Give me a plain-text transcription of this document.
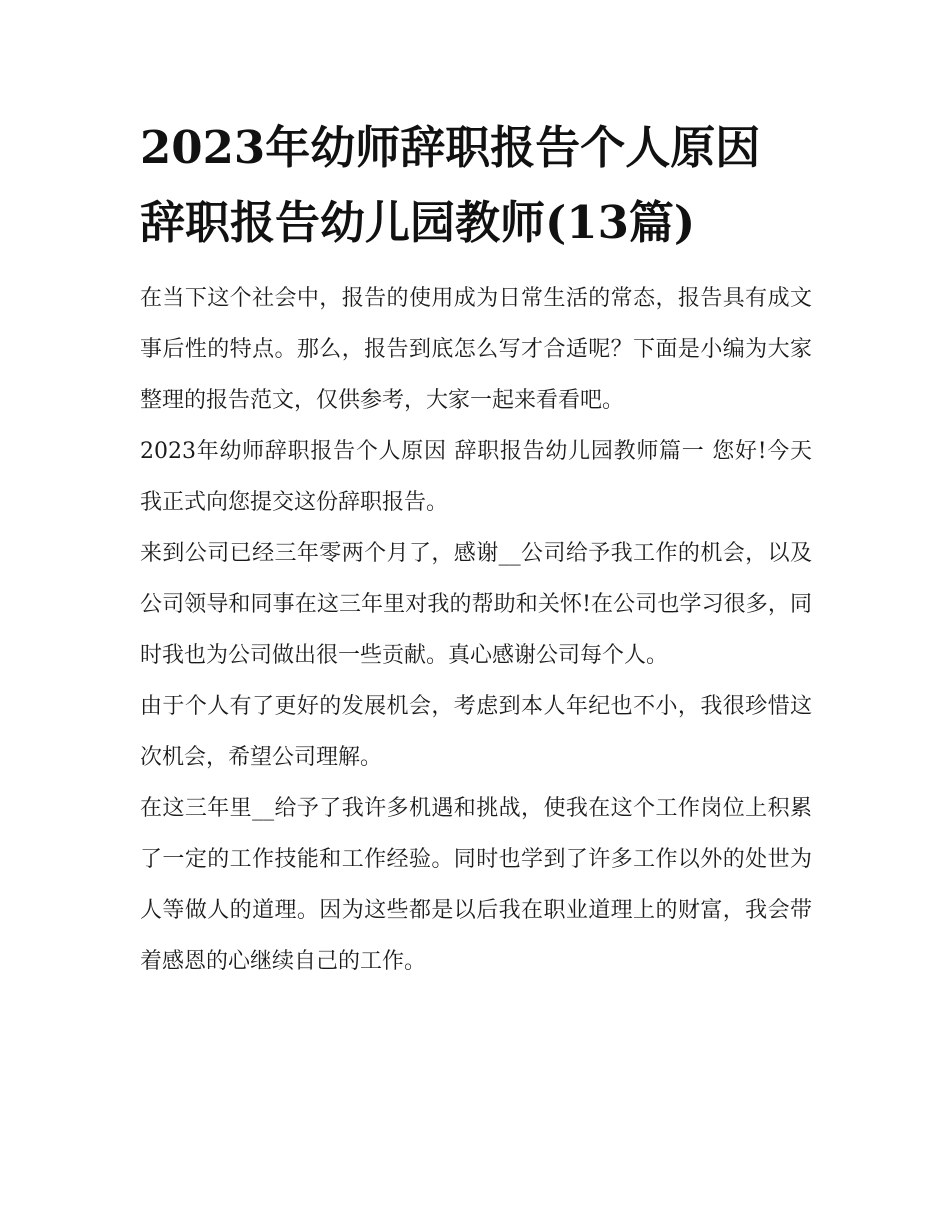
2023年幼师辞职报告个人原因 辞职报告幼儿园教师(13篇)

在当下这个社会中，报告的使用成为日常生活的常态，报告具有成文事后性的特点。那么，报告到底怎么写才合适呢？下面是小编为大家整理的报告范文，仅供参考，大家一起来看看吧。

2023年幼师辞职报告个人原因 辞职报告幼儿园教师篇一 您好!今天我正式向您提交这份辞职报告。

来到公司已经三年零两个月了，感谢__公司给予我工作的机会，以及公司领导和同事在这三年里对我的帮助和关怀!在公司也学习很多，同时我也为公司做出很一些贡献。真心感谢公司每个人。

由于个人有了更好的发展机会，考虑到本人年纪也不小，我很珍惜这次机会，希望公司理解。

在这三年里__给予了我许多机遇和挑战，使我在这个工作岗位上积累了一定的工作技能和工作经验。同时也学到了许多工作以外的处世为人等做人的道理。因为这些都是以后我在职业道理上的财富，我会带着感恩的心继续自己的工作。
